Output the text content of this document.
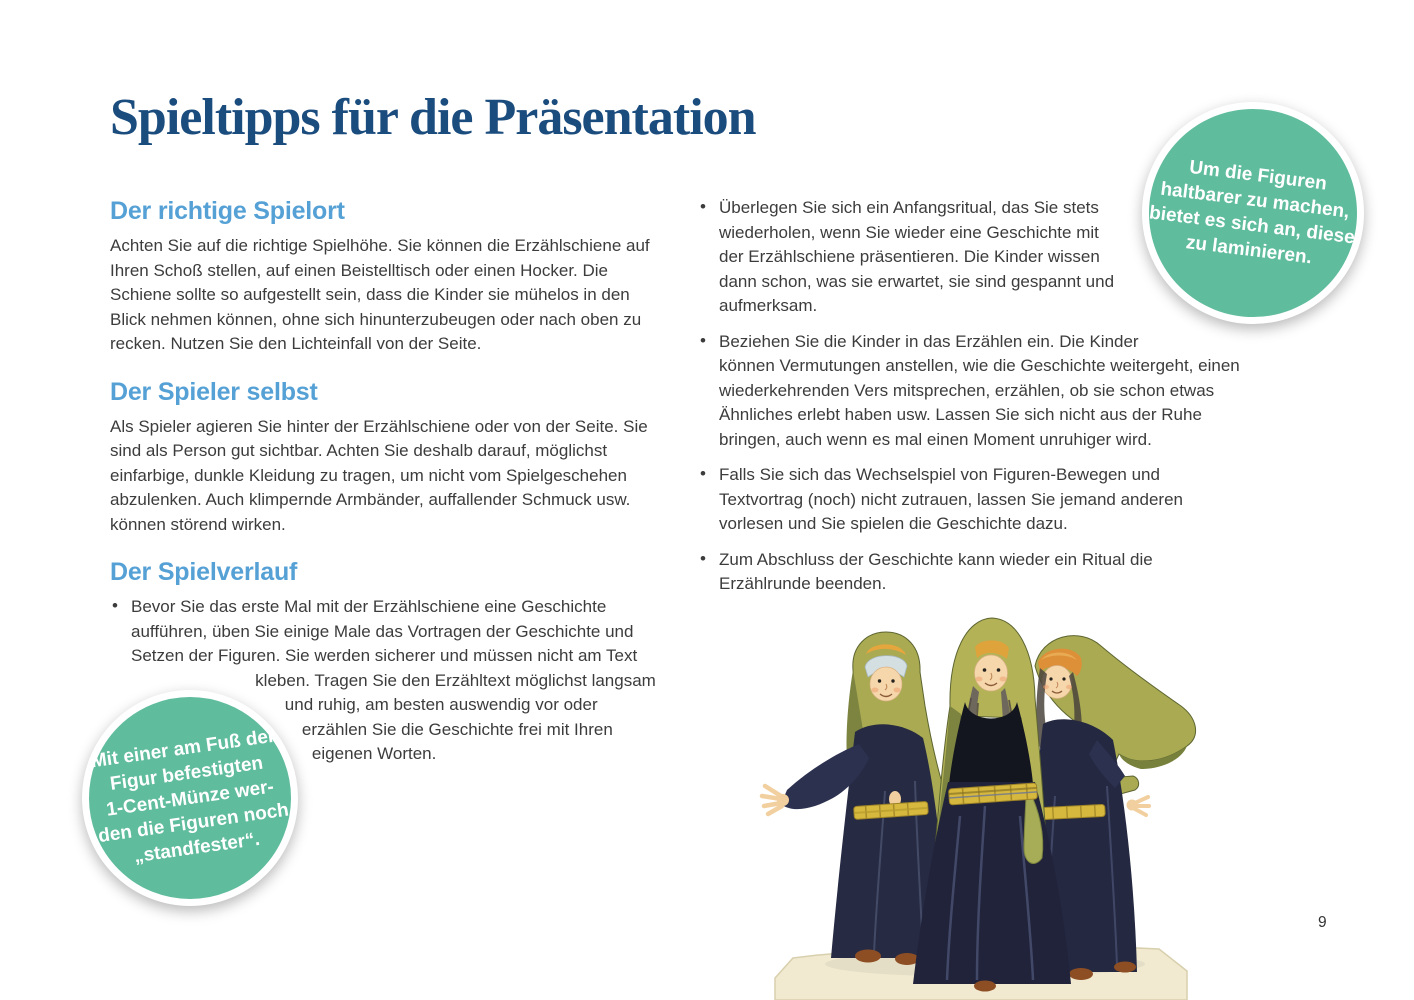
Spieltipps für die Präsentation
Der richtige Spielort

Achten Sie auf die richtige Spielhöhe. Sie können die Erzählschiene auf Ihren Schoß stellen, auf einen Beistelltisch oder einen Hocker. Die Schiene sollte so aufgestellt sein, dass die Kinder sie mühelos in den Blick nehmen können, ohne sich hinunterzubeugen oder nach oben zu recken. Nutzen Sie den Lichteinfall von der Seite.

Der Spieler selbst

Als Spieler agieren Sie hinter der Erzählschiene oder von der Seite. Sie sind als Person gut sichtbar. Achten Sie deshalb darauf, möglichst einfarbige, dunkle Kleidung zu tragen, um nicht vom Spielgeschehen abzulenken. Auch klimpernde Armbänder, auffallender Schmuck usw. können störend wirken.

Der Spielverlauf
• Bevor Sie das erste Mal mit der Erzählschiene eine Geschichte aufführen, üben Sie einige Male das Vortragen der Geschichte und Setzen der Figuren. Sie werden sicherer und müssen nicht am Text kleben. Tragen Sie den Erzähltext möglichst langsam und ruhig, am besten auswendig vor oder erzählen Sie die Geschichte frei mit Ihren eigenen Worten.
• Überlegen Sie sich ein Anfangsritual, das Sie stets wiederholen, wenn Sie wieder eine Geschichte mit der Erzählschiene präsentieren. Die Kinder wissen dann schon, was sie erwartet, sie sind gespannt und aufmerksam.
• Beziehen Sie die Kinder in das Erzählen ein. Die Kinder können Vermutungen anstellen, wie die Geschichte weitergeht, einen wiederkehrenden Vers mitsprechen, erzählen, ob sie schon etwas Ähnliches erlebt haben usw. Lassen Sie sich nicht aus der Ruhe bringen, auch wenn es mal einen Moment unruhiger wird.
• Falls Sie sich das Wechselspiel von Figuren-Bewegen und Textvortrag (noch) nicht zutrauen, lassen Sie jemand anderen vorlesen und Sie spielen die Geschichte dazu.
• Zum Abschluss der Geschichte kann wieder ein Ritual die Erzählrunde beenden.
Um die Figuren
haltbarer zu machen,
bietet es sich an, diese
zu laminieren.
Mit einer am Fuß der
Figur befestigten
1-Cent-Münze wer-
den die Figuren noch
„standfester“.
9
